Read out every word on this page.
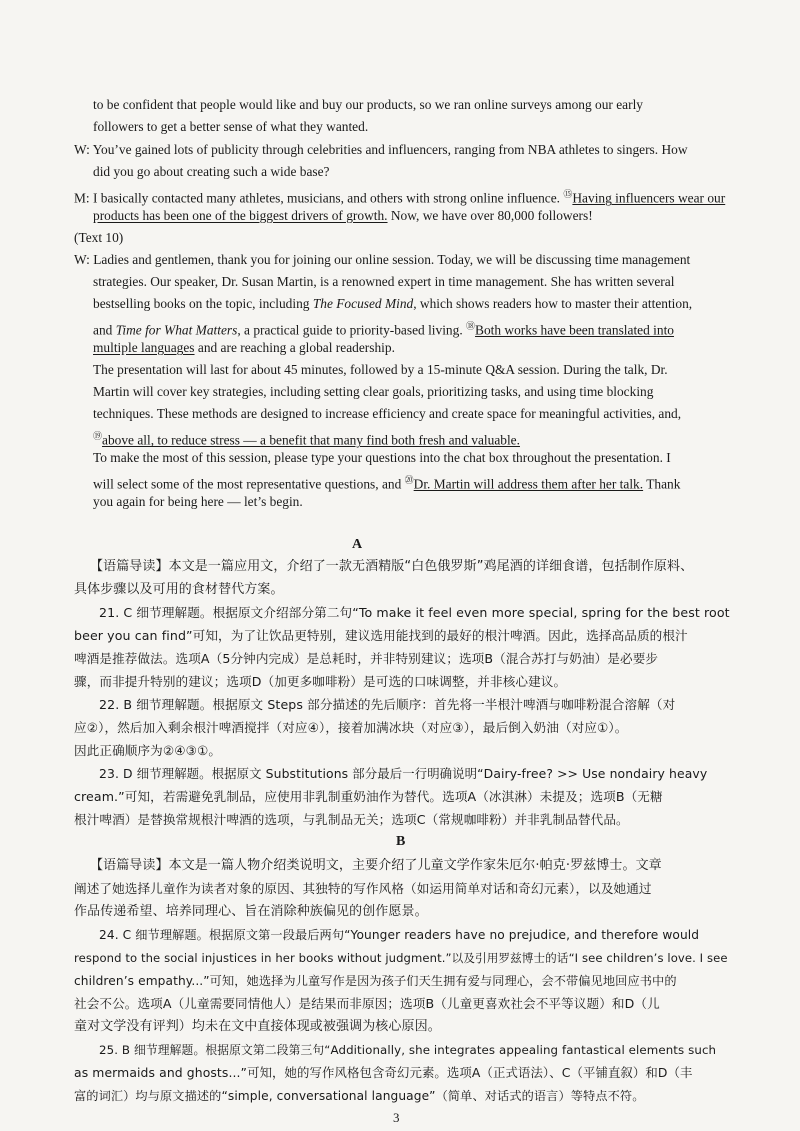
to be confident that people would like and buy our products, so we ran online surveys among our early
followers to get a better sense of what they wanted.
W: You’ve gained lots of publicity through celebrities and influencers, ranging from NBA athletes to singers. How
did you go about creating such a wide base?
M: I basically contacted many athletes, musicians, and others with strong online influence. ⑮Having influencers wear our
products has been one of the biggest drivers of growth. Now, we have over 80,000 followers!
(Text 10)
W: Ladies and gentlemen, thank you for joining our online session. Today, we will be discussing time management
strategies. Our speaker, Dr. Susan Martin, is a renowned expert in time management. She has written several
bestselling books on the topic, including The Focused Mind, which shows readers how to master their attention,
and Time for What Matters, a practical guide to priority-based living. ⑱Both works have been translated into
multiple languages and are reaching a global readership.
The presentation will last for about 45 minutes, followed by a 15-minute Q&A session. During the talk, Dr.
Martin will cover key strategies, including setting clear goals, prioritizing tasks, and using time blocking
techniques. These methods are designed to increase efficiency and create space for meaningful activities, and,
⑲above all, to reduce stress — a benefit that many find both fresh and valuable.
To make the most of this session, please type your questions into the chat box throughout the presentation. I
will select some of the most representative questions, and ⑳Dr. Martin will address them after her talk. Thank
you again for being here — let’s begin.
A
【语篇导读】本文是一篇应用文，介绍了一款无酒精版“白色俄罗斯”鸡尾酒的详细食谱，包括制作原料、
具体步骤以及可用的食材替代方案。
21. C 细节理解题。根据原文介绍部分第二句“To make it feel even more special, spring for the best root
beer you can find”可知，为了让饮品更特别，建议选用能找到的最好的根汁啤酒。因此，选择高品质的根汁
啤酒是推荐做法。选项A（5分钟内完成）是总耗时，并非特别建议；选项B（混合苏打与奶油）是必要步
骤，而非提升特别的建议；选项D（加更多咖啡粉）是可选的口味调整，并非核心建议。
22. B 细节理解题。根据原文 Steps 部分描述的先后顺序：首先将一半根汁啤酒与咖啡粉混合溶解（对
应②），然后加入剩余根汁啤酒搅拌（对应④），接着加满冰块（对应③），最后倒入奶油（对应①）。
因此正确顺序为②④③①。
23. D 细节理解题。根据原文 Substitutions 部分最后一行明确说明“Dairy-free? >> Use nondairy heavy
cream.”可知，若需避免乳制品，应使用非乳制重奶油作为替代。选项A（冰淇淋）未提及；选项B（无糖
根汁啤酒）是替换常规根汁啤酒的选项，与乳制品无关；选项C（常规咖啡粉）并非乳制品替代品。
B
【语篇导读】本文是一篇人物介绍类说明文，主要介绍了儿童文学作家朱厄尔·帕克·罗兹博士。文章
阐述了她选择儿童作为读者对象的原因、其独特的写作风格（如运用简单对话和奇幻元素），以及她通过
作品传递希望、培养同理心、旨在消除种族偏见的创作愿景。
24. C 细节理解题。根据原文第一段最后两句“Younger readers have no prejudice, and therefore would
respond to the social injustices in her books without judgment.”以及引用罗兹博士的话“I see children’s love. I see
children’s empathy...”可知，她选择为儿童写作是因为孩子们天生拥有爱与同理心，会不带偏见地回应书中的
社会不公。选项A（儿童需要同情他人）是结果而非原因；选项B（儿童更喜欢社会不平等议题）和D（儿
童对文学没有评判）均未在文中直接体现或被强调为核心原因。
25. B 细节理解题。根据原文第二段第三句“Additionally, she integrates appealing fantastical elements such
as mermaids and ghosts...”可知，她的写作风格包含奇幻元素。选项A（正式语法）、C（平铺直叙）和D（丰
富的词汇）均与原文描述的“simple, conversational language”（简单、对话式的语言）等特点不符。
3
